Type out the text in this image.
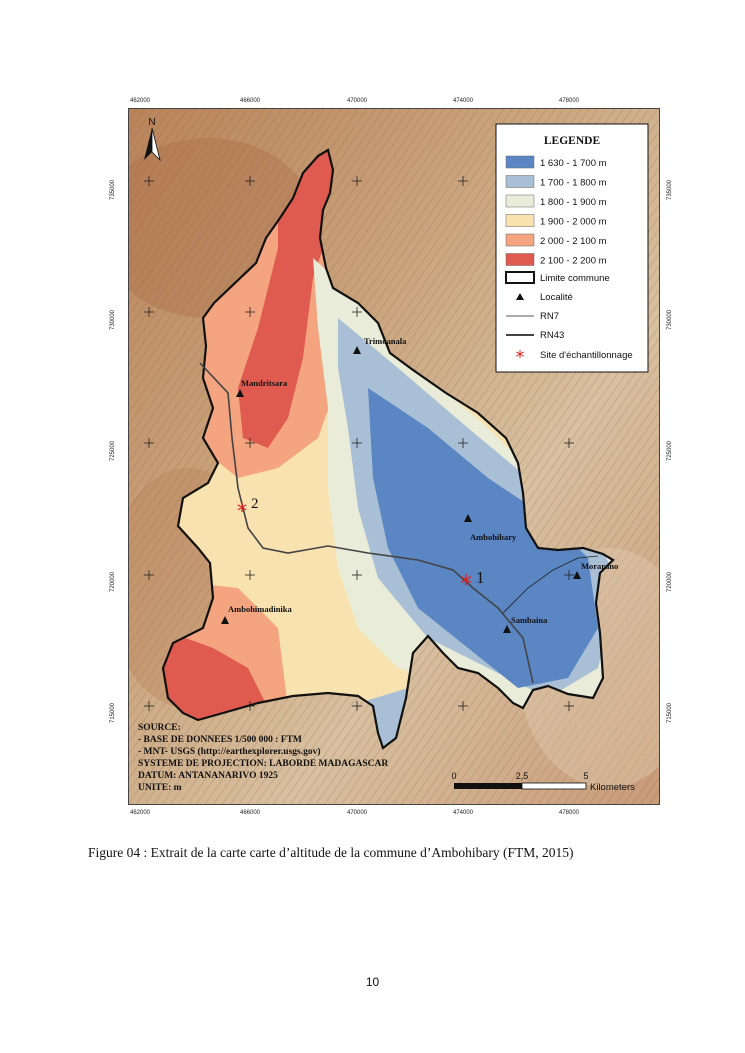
462000	466000	470000	474000	478000
462000	466000	470000	474000	478000
735000
730000
725000
720000
715000
735000
730000
725000
720000
715000
Trimoanala
Mandritsara
Ambohibary
Morarano
Sambaina
Ambohimadinika
* 1
* 2
N
LEGENDE
1 630 - 1 700 m
1 700 - 1 800 m
1 800 - 1 900 m
1 900 - 2 000 m
2 000 - 2 100 m
2 100 - 2 200 m
Limite commune
Localité
RN7
RN43
* Site d'échantillonnage
SOURCE:
- BASE DE DONNEES 1/500 000 : FTM
- MNT- USGS (http://earthexplorer.usgs.gov)
SYSTEME DE PROJECTION: LABORDE MADAGASCAR
DATUM: ANTANANARIVO 1925
UNITE: m
0	2,5	5
Kilometers
Figure 04 : Extrait de la carte carte d’altitude de la commune d’Ambohibary (FTM, 2015)
10
